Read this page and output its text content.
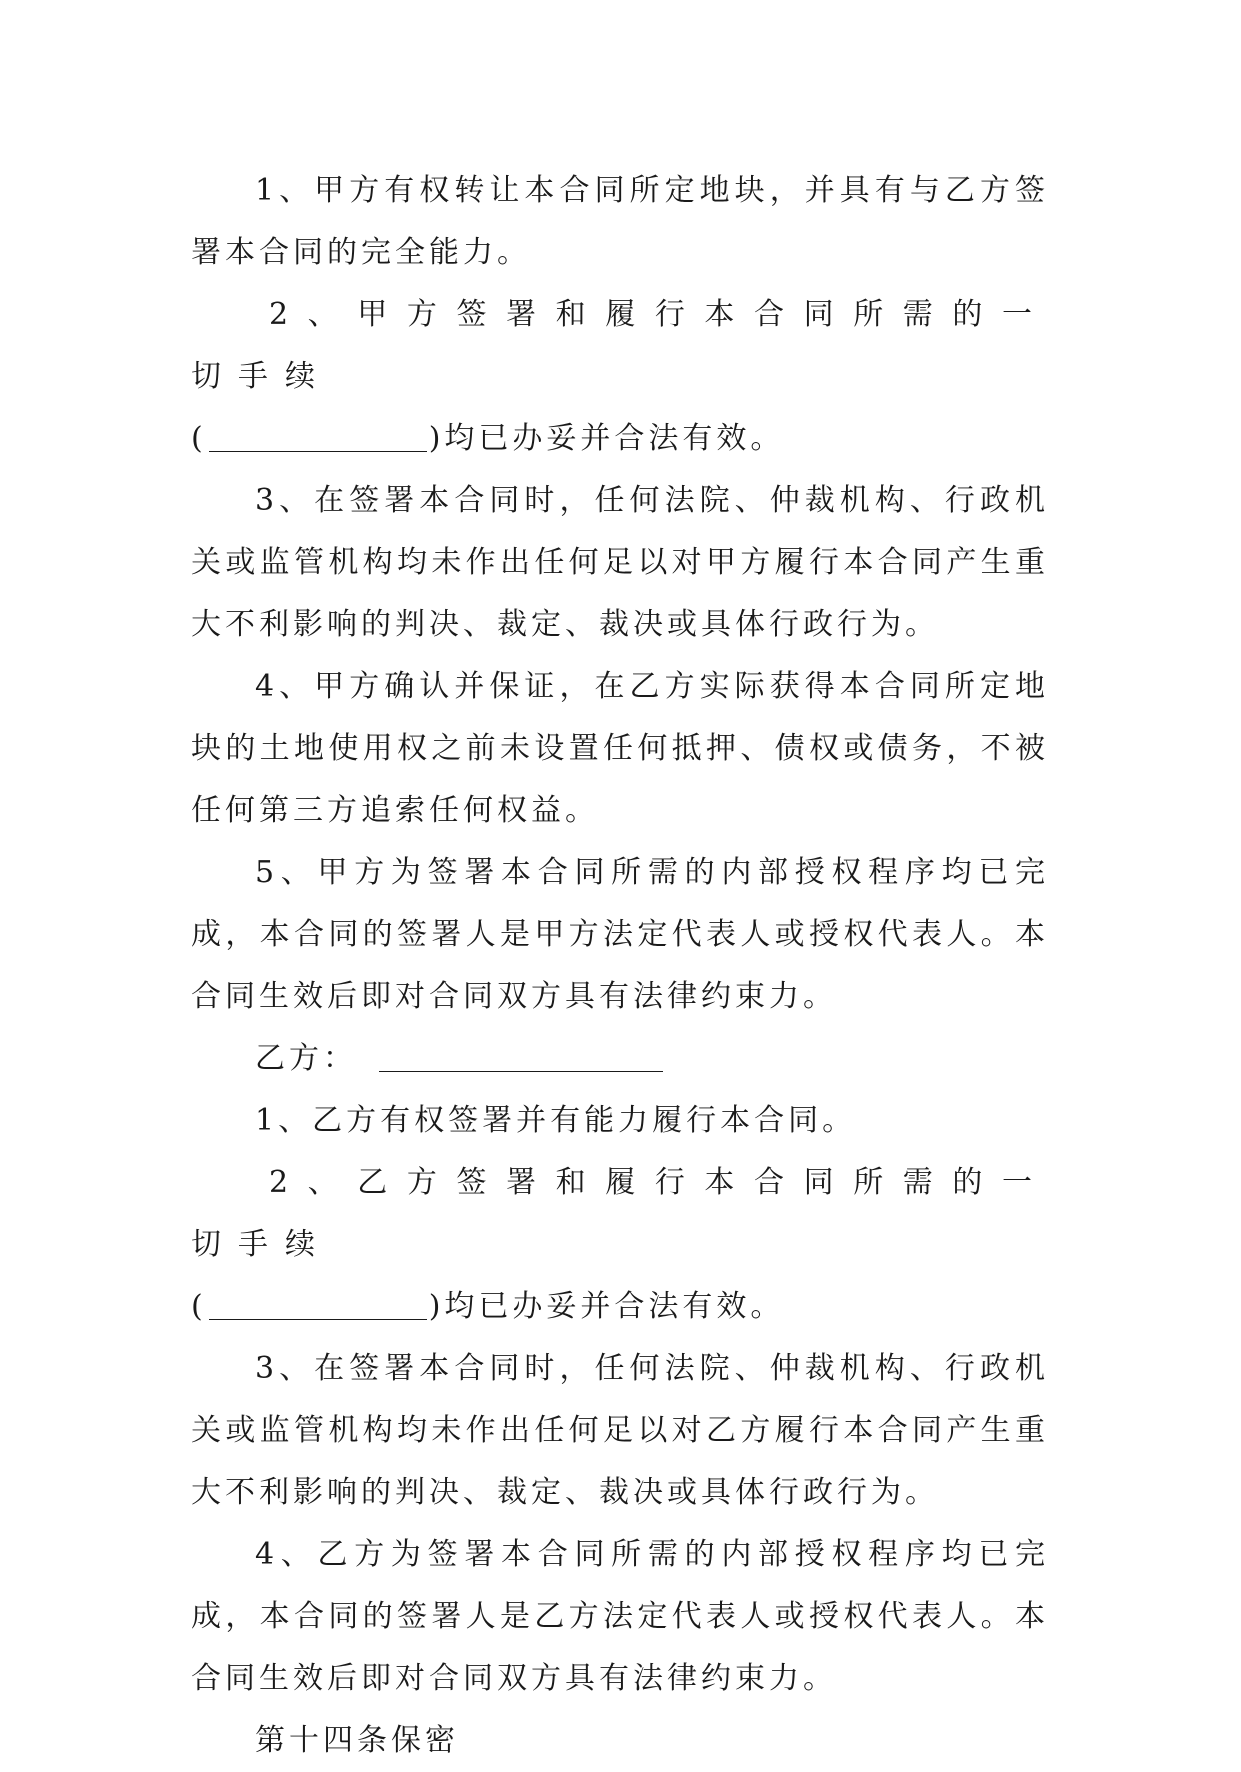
1、甲方有权转让本合同所定地块，并具有与乙方签署本合同的完全能力。

2、甲方签署和履行本合同所需的一切手续

(	)均已办妥并合法有效。

3、在签署本合同时，任何法院、仲裁机构、行政机关或监管机构均未作出任何足以对甲方履行本合同产生重大不利影响的判决、裁定、裁决或具体行政行为。

4、甲方确认并保证，在乙方实际获得本合同所定地块的土地使用权之前未设置任何抵押、债权或债务，不被任何第三方追索任何权益。

5、甲方为签署本合同所需的内部授权程序均已完成，本合同的签署人是甲方法定代表人或授权代表人。本合同生效后即对合同双方具有法律约束力。

乙方：

1、乙方有权签署并有能力履行本合同。

2、乙方签署和履行本合同所需的一切手续

(	)均已办妥并合法有效。

3、在签署本合同时，任何法院、仲裁机构、行政机关或监管机构均未作出任何足以对乙方履行本合同产生重大不利影响的判决、裁定、裁决或具体行政行为。

4、乙方为签署本合同所需的内部授权程序均已完成，本合同的签署人是乙方法定代表人或授权代表人。本合同生效后即对合同双方具有法律约束力。

第十四条保密
